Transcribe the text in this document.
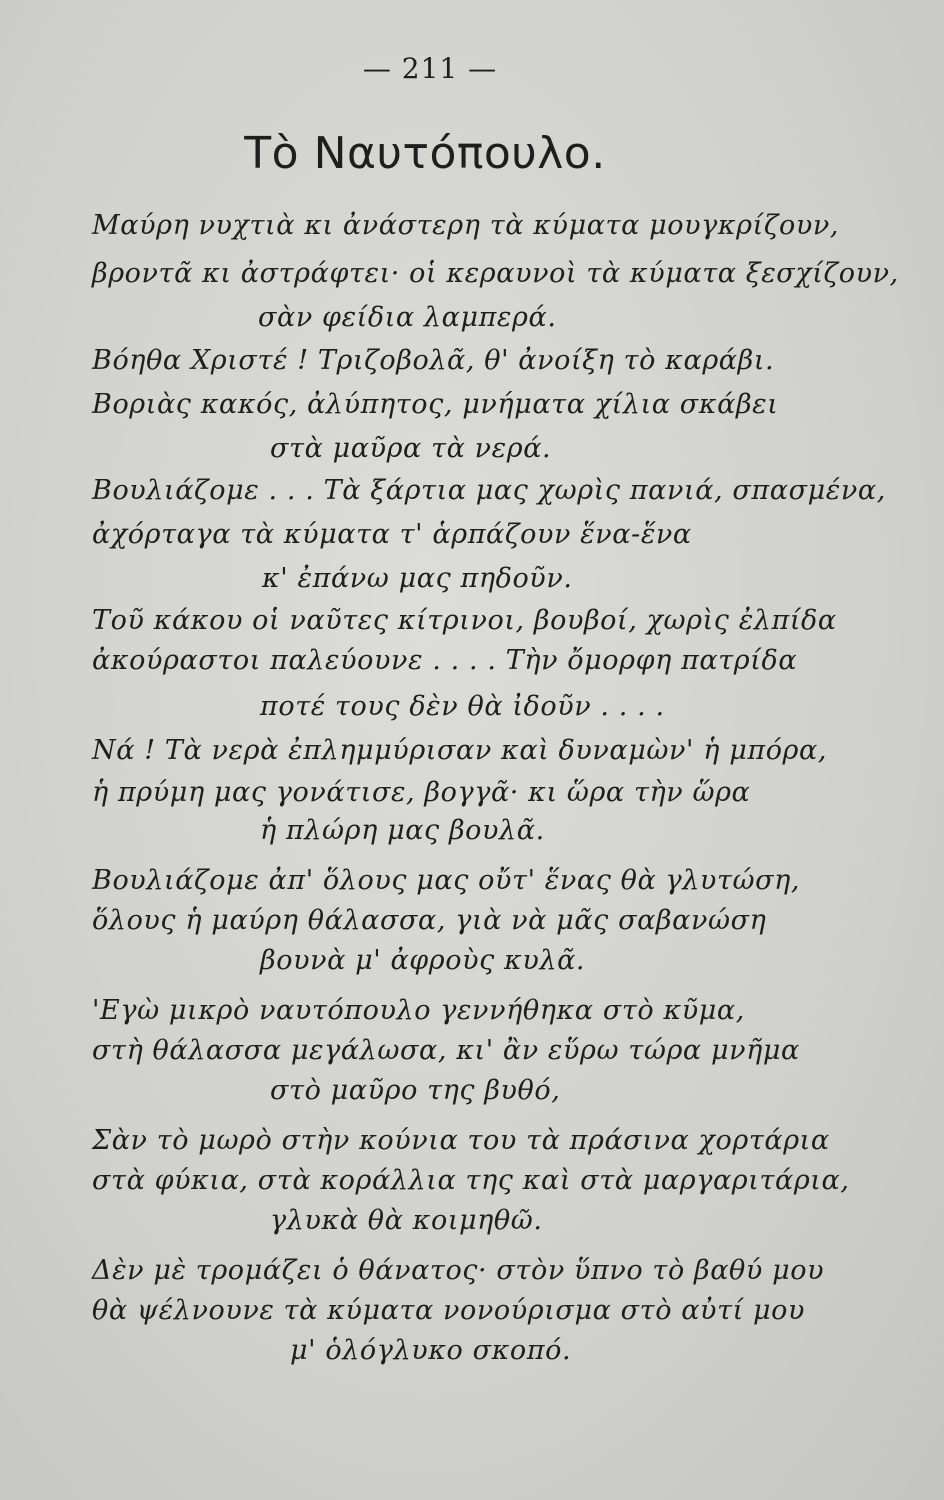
— 211 —
Τὸ Ναυτόπουλο.
Μαύρη νυχτιὰ κι ἀνάστερη τὰ κύματα μουγκρίζουν,
βροντᾶ κι ἀστράφτει· οἱ κεραυνοὶ τὰ κύματα ξεσχίζουν,
σὰν φείδια λαμπερά.
Βόηθα Χριστέ ! Τριζοβολᾶ, θ' ἀνοίξη τὸ καράβι.
Βοριὰς κακός, ἀλύπητος, μνήματα χίλια σκάβει
στὰ μαῦρα τὰ νερά.
Βουλιάζομε . . . Τὰ ξάρτια μας χωρὶς πανιά, σπασμένα,
ἀχόρταγα τὰ κύματα τ' ἁρπάζουν ἕνα-ἕνα
κ' ἐπάνω μας πηδοῦν.
Τοῦ κάκου οἱ ναῦτες κίτρινοι, βουβοί, χωρὶς ἐλπίδα
ἀκούραστοι παλεύουνε . . . . Τὴν ὄμορφη πατρίδα
ποτέ τους δὲν θὰ ἰδοῦν . . . .
Νά ! Τὰ νερὰ ἐπλημμύρισαν καὶ δυναμὼν' ἡ μπόρα,
ἡ πρύμη μας γονάτισε, βογγᾶ· κι ὥρα τὴν ὥρα
ἡ πλώρη μας βουλᾶ.
Βουλιάζομε ἀπ' ὅλους μας οὔτ' ἕνας θὰ γλυτώση,
ὅλους ἡ μαύρη θάλασσα, γιὰ νὰ μᾶς σαβανώση
βουνὰ μ' ἀφροὺς κυλᾶ.
'Εγὼ μικρὸ ναυτόπουλο γεννήθηκα στὸ κῦμα,
στὴ θάλασσα μεγάλωσα, κι' ἂν εὕρω τώρα μνῆμα
στὸ μαῦρο της βυθό,
Σὰν τὸ μωρὸ στὴν κούνια του τὰ πράσινα χορτάρια
στὰ φύκια, στὰ κοράλλια της καὶ στὰ μαργαριτάρια,
γλυκὰ θὰ κοιμηθῶ.
Δὲν μὲ τρομάζει ὁ θάνατος· στὸν ὕπνο τὸ βαθύ μου
θὰ ψέλνουνε τὰ κύματα νονούρισμα στὸ αὐτί μου
μ' ὁλόγλυκο σκοπό.
